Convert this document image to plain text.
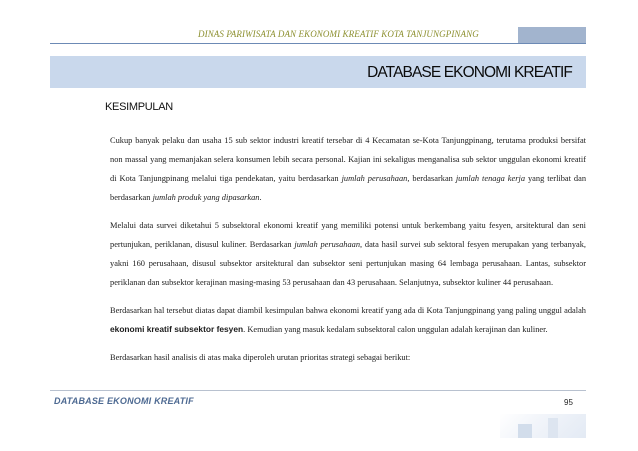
DINAS PARIWISATA DAN EKONOMI KREATIF KOTA TANJUNGPINANG
DATABASE EKONOMI KREATIF
KESIMPULAN

Cukup banyak pelaku dan usaha 15 sub sektor industri kreatif tersebar di 4 Kecamatan se-Kota Tanjungpinang, terutama produksi bersifat non massal yang memanjakan selera konsumen lebih secara personal. Kajian ini sekaligus menganalisa sub sektor unggulan ekonomi kreatif di Kota Tanjungpinang melalui tiga pendekatan, yaitu berdasarkan jumlah perusahaan, berdasarkan jumlah tenaga kerja yang terlibat dan berdasarkan jumlah produk yang dipasarkan.

Melalui data survei diketahui 5 subsektoral ekonomi kreatif yang memiliki potensi untuk berkembang yaitu fesyen, arsitektural dan seni pertunjukan, periklanan, disusul kuliner. Berdasarkan jumlah perusahaan, data hasil survei sub sektoral fesyen merupakan yang terbanyak, yakni 160 perusahaan, disusul subsektor arsitektural dan subsektor seni pertunjukan masing 64 lembaga perusahaan. Lantas, subsektor periklanan dan subsektor kerajinan masing-masing 53 perusahaan dan 43 perusahaan. Selanjutnya, subsektor kuliner 44 perusahaan.

Berdasarkan hal tersebut diatas dapat diambil kesimpulan bahwa ekonomi kreatif yang ada di Kota Tanjungpinang yang paling unggul adalah ekonomi kreatif subsektor fesyen. Kemudian yang masuk kedalam subsektoral calon unggulan adalah kerajinan dan kuliner.

Berdasarkan hasil analisis di atas maka diperoleh urutan prioritas strategi sebagai berikut:

DATABASE EKONOMI KREATIF	95
